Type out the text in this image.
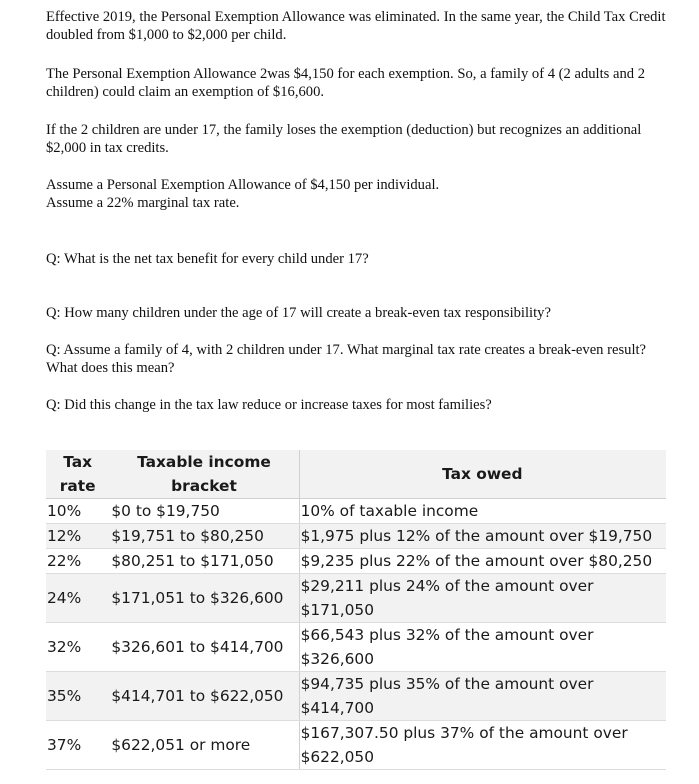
Effective 2019, the Personal Exemption Allowance was eliminated. In the same year, the Child Tax Credit doubled from $1,000 to $2,000 per child.

The Personal Exemption Allowance 2was $4,150 for each exemption. So, a family of 4 (2 adults and 2 children) could claim an exemption of $16,600.

If the 2 children are under 17, the family loses the exemption (deduction) but recognizes an additional $2,000 in tax credits.

Assume a Personal Exemption Allowance of $4,150 per individual.

Assume a 22% marginal tax rate.

Q: What is the net tax benefit for every child under 17?

Q: How many children under the age of 17 will create a break-even tax responsibility?

Q: Assume a family of 4, with 2 children under 17. What marginal tax rate creates a break-even result? What does this mean?

Q: Did this change in the tax law reduce or increase taxes for most families?

Tax rate	Taxable income bracket	Tax owed
10%	$0 to $19,750	10% of taxable income
12%	$19,751 to $80,250	$1,975 plus 12% of the amount over $19,750
22%	$80,251 to $171,050	$9,235 plus 22% of the amount over $80,250
24%	$171,051 to $326,600	$29,211 plus 24% of the amount over $171,050
32%	$326,601 to $414,700	$66,543 plus 32% of the amount over $326,600
35%	$414,701 to $622,050	$94,735 plus 35% of the amount over $414,700
37%	$622,051 or more	$167,307.50 plus 37% of the amount over $622,050
